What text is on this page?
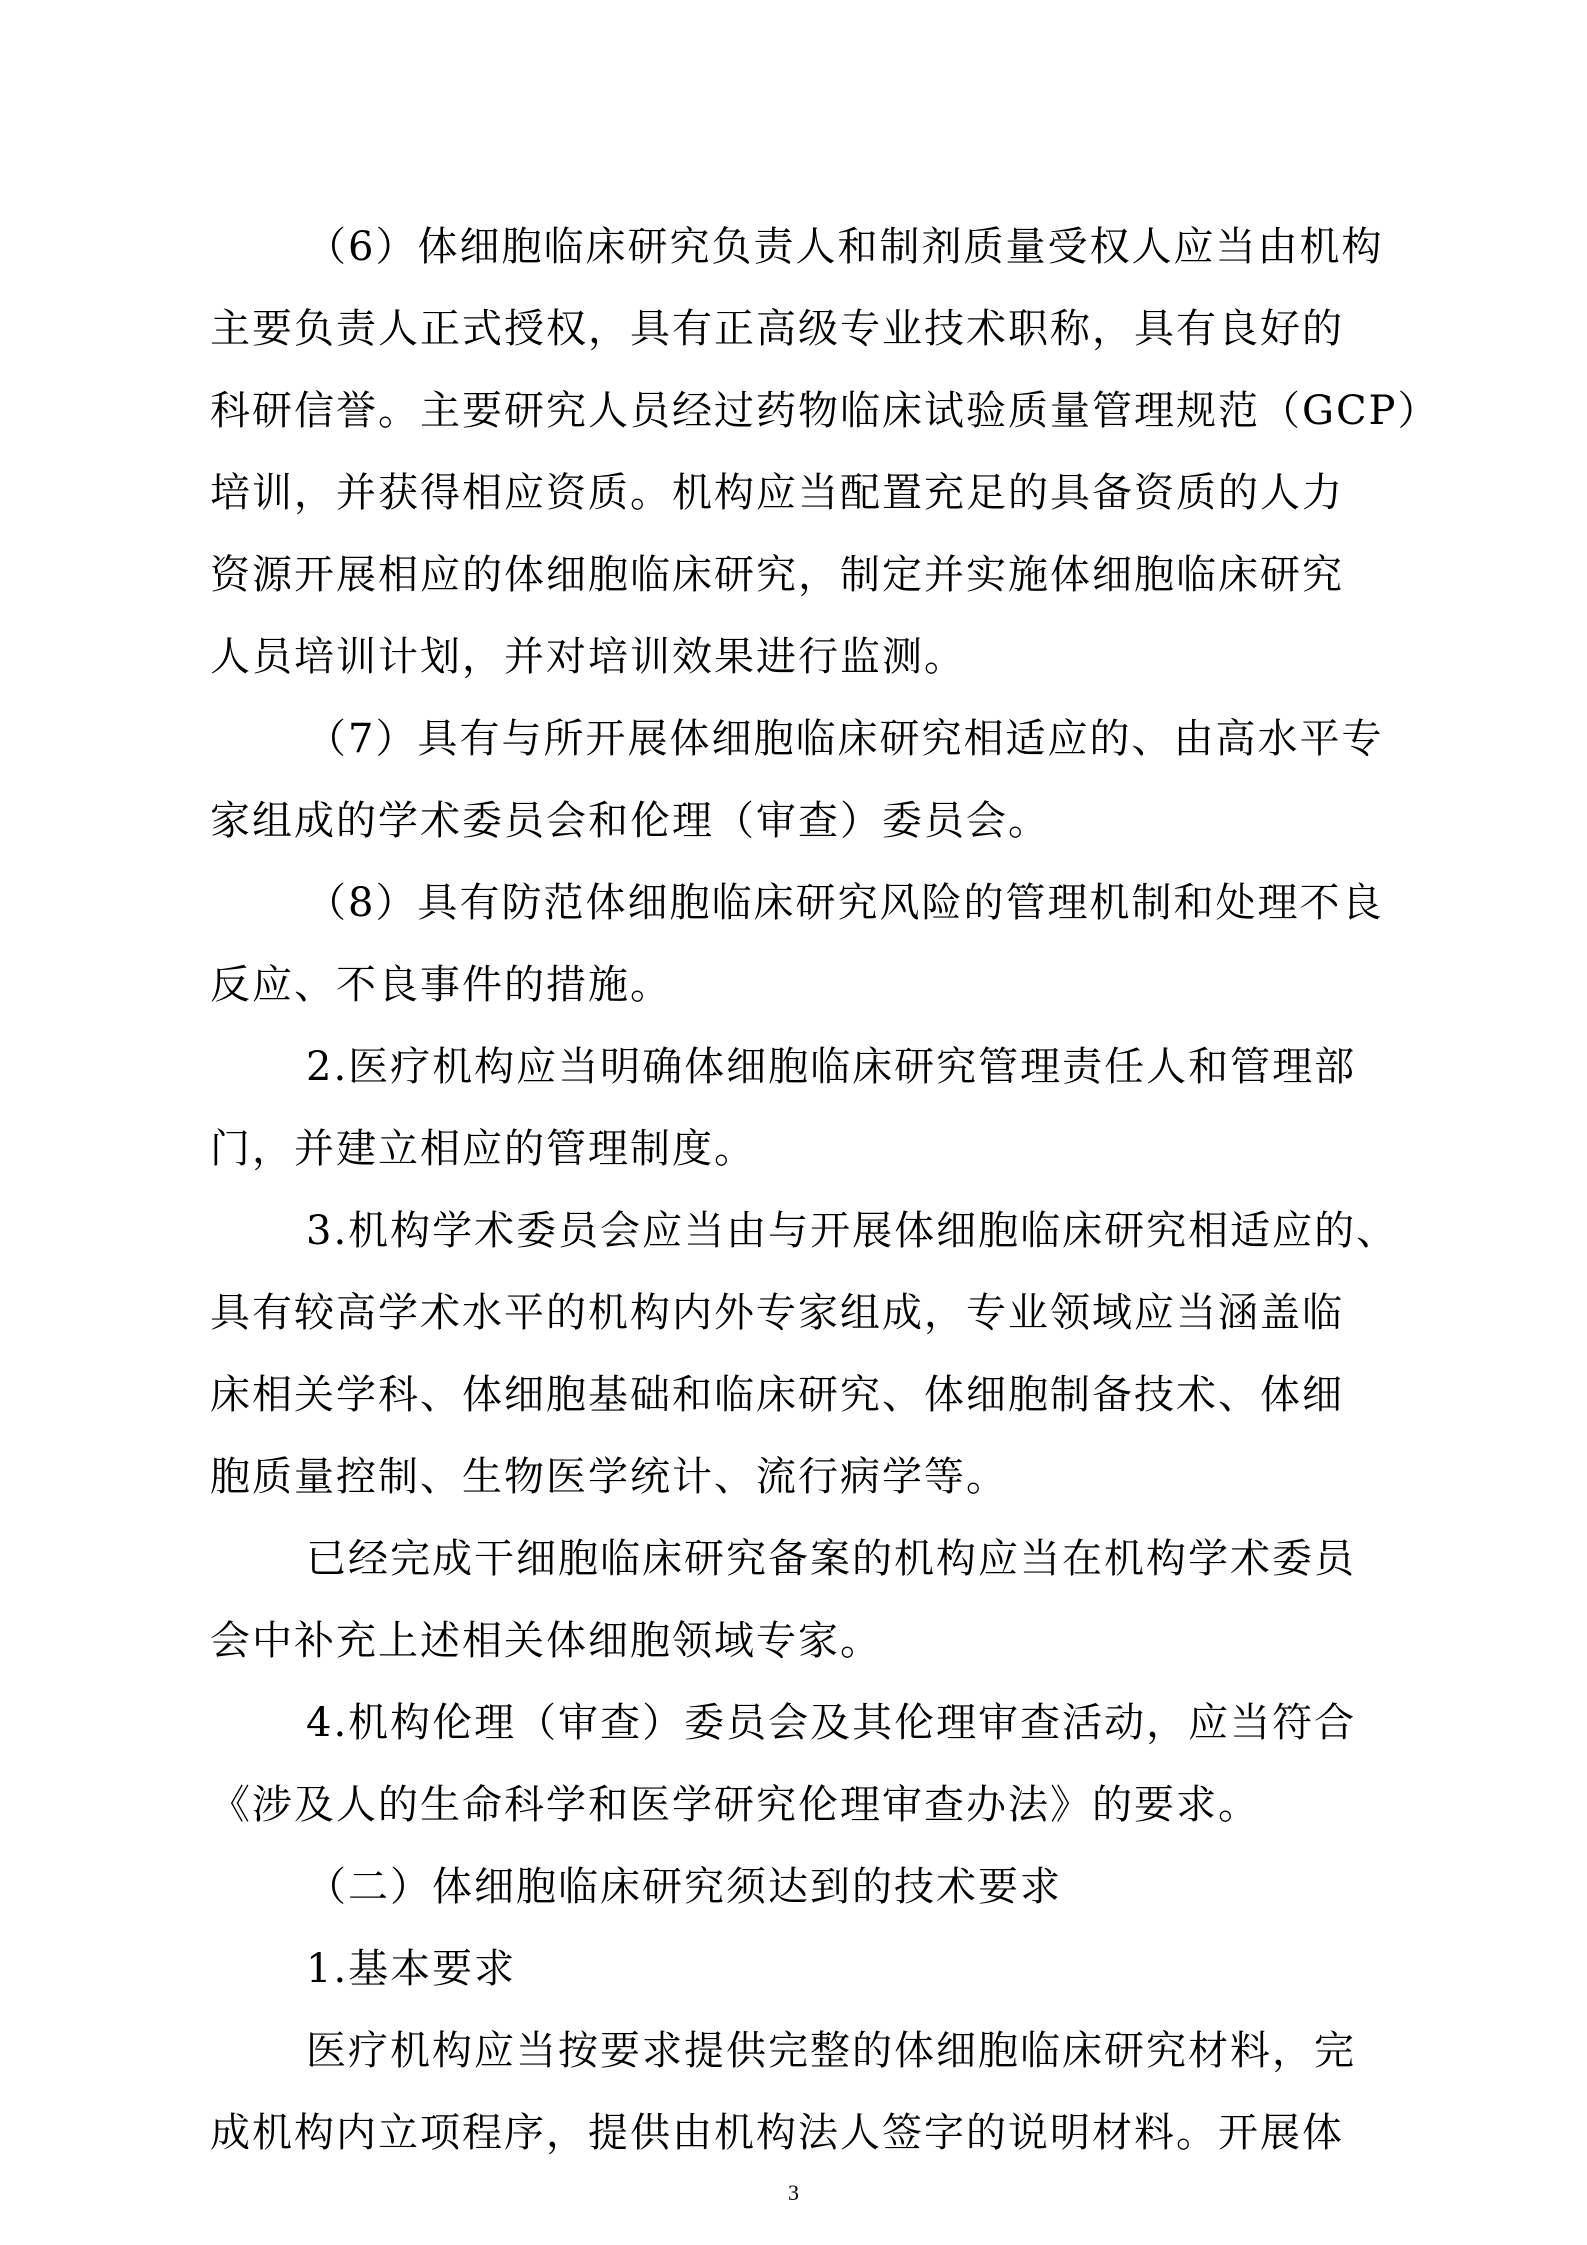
（6）体细胞临床研究负责人和制剂质量受权人应当由机构
主要负责人正式授权，具有正高级专业技术职称，具有良好的
科研信誉。主要研究人员经过药物临床试验质量管理规范（GCP）
培训，并获得相应资质。机构应当配置充足的具备资质的人力
资源开展相应的体细胞临床研究，制定并实施体细胞临床研究
人员培训计划，并对培训效果进行监测。
（7）具有与所开展体细胞临床研究相适应的、由高水平专
家组成的学术委员会和伦理（审查）委员会。
（8）具有防范体细胞临床研究风险的管理机制和处理不良
反应、不良事件的措施。
2.医疗机构应当明确体细胞临床研究管理责任人和管理部
门，并建立相应的管理制度。
3.机构学术委员会应当由与开展体细胞临床研究相适应的、
具有较高学术水平的机构内外专家组成，专业领域应当涵盖临
床相关学科、体细胞基础和临床研究、体细胞制备技术、体细
胞质量控制、生物医学统计、流行病学等。
已经完成干细胞临床研究备案的机构应当在机构学术委员
会中补充上述相关体细胞领域专家。
4.机构伦理（审查）委员会及其伦理审查活动，应当符合
《涉及人的生命科学和医学研究伦理审查办法》的要求。
（二）体细胞临床研究须达到的技术要求
1.基本要求
医疗机构应当按要求提供完整的体细胞临床研究材料，完
成机构内立项程序，提供由机构法人签字的说明材料。开展体
3
